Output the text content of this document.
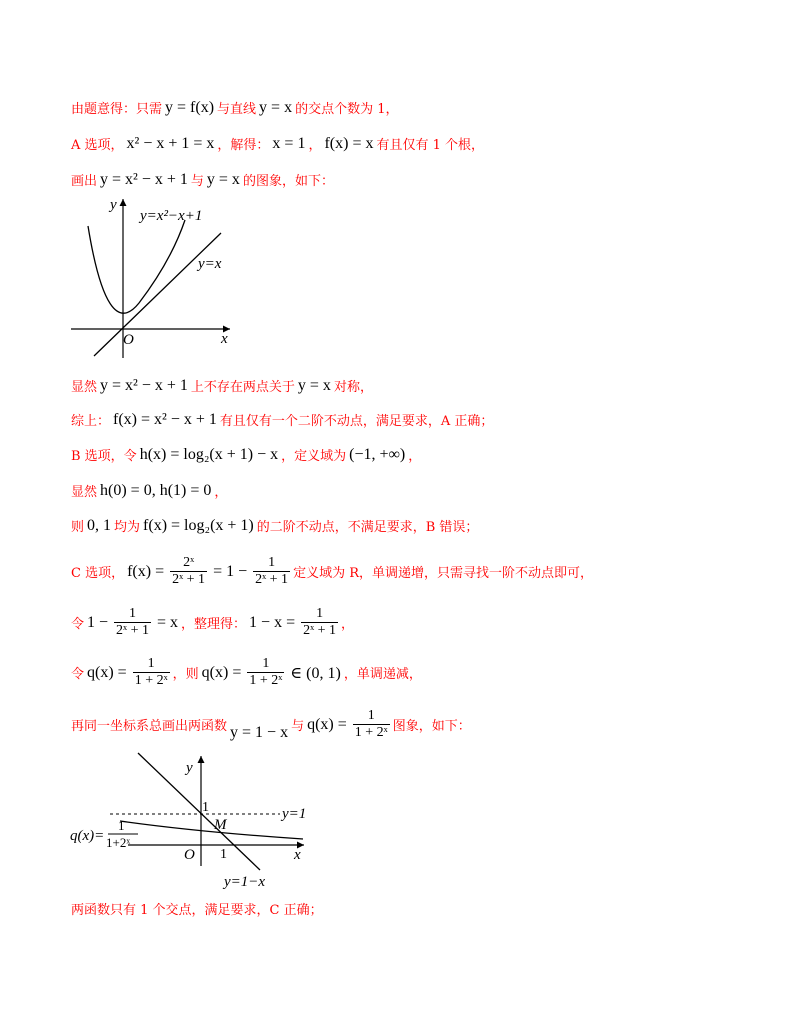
由题意得：只需 y = f(x) 与直线 y = x 的交点个数为 1，
A 选项， x² − x + 1 = x ，解得： x = 1 ， f(x) = x 有且仅有 1 个根，
画出 y = x² − x + 1 与 y = x 的图象，如下：
y
y=x²−x+1
y=x
O	x
显然 y = x² − x + 1 上不存在两点关于 y = x 对称，
综上： f(x) = x² − x + 1 有且仅有一个二阶不动点，满足要求，A 正确；
B 选项，令 h(x) = log₂(x + 1) − x ，定义域为 (−1, +∞) ，
显然 h(0) = 0, h(1) = 0 ，
则 0, 1 均为 f(x) = log₂(x + 1) 的二阶不动点，不满足要求，B 错误；
C 选项， $f(x) = \frac{\text{2ˣ}}{\text{2ˣ + 1}} = 1 - \frac{1}{\text{2ˣ + 1}}$ 定义域为 R，单调递增，只需寻找一阶不动点即可，
令 $1 - \frac{1}{\text{2ˣ + 1}} = x$ ，整理得： $1 - x = \frac{1}{\text{2ˣ + 1}}$ ，
令 $q(x) = \frac{1}{\text{1 + 2ˣ}}$ ，则 $q(x) = \frac{1}{\text{1 + 2ˣ}}$ ∈ (0, 1) ，单调递减，
再同一坐标系总画出两函数 y = 1 − x 与 $q(x) = \frac{1}{\text{1 + 2ˣ}}$ 图象，如下：
y
1	y=1
M
q(x)=
1
1+2ˣ
O 1	x
y=1−x
两函数只有 1 个交点，满足要求，C 正确；
